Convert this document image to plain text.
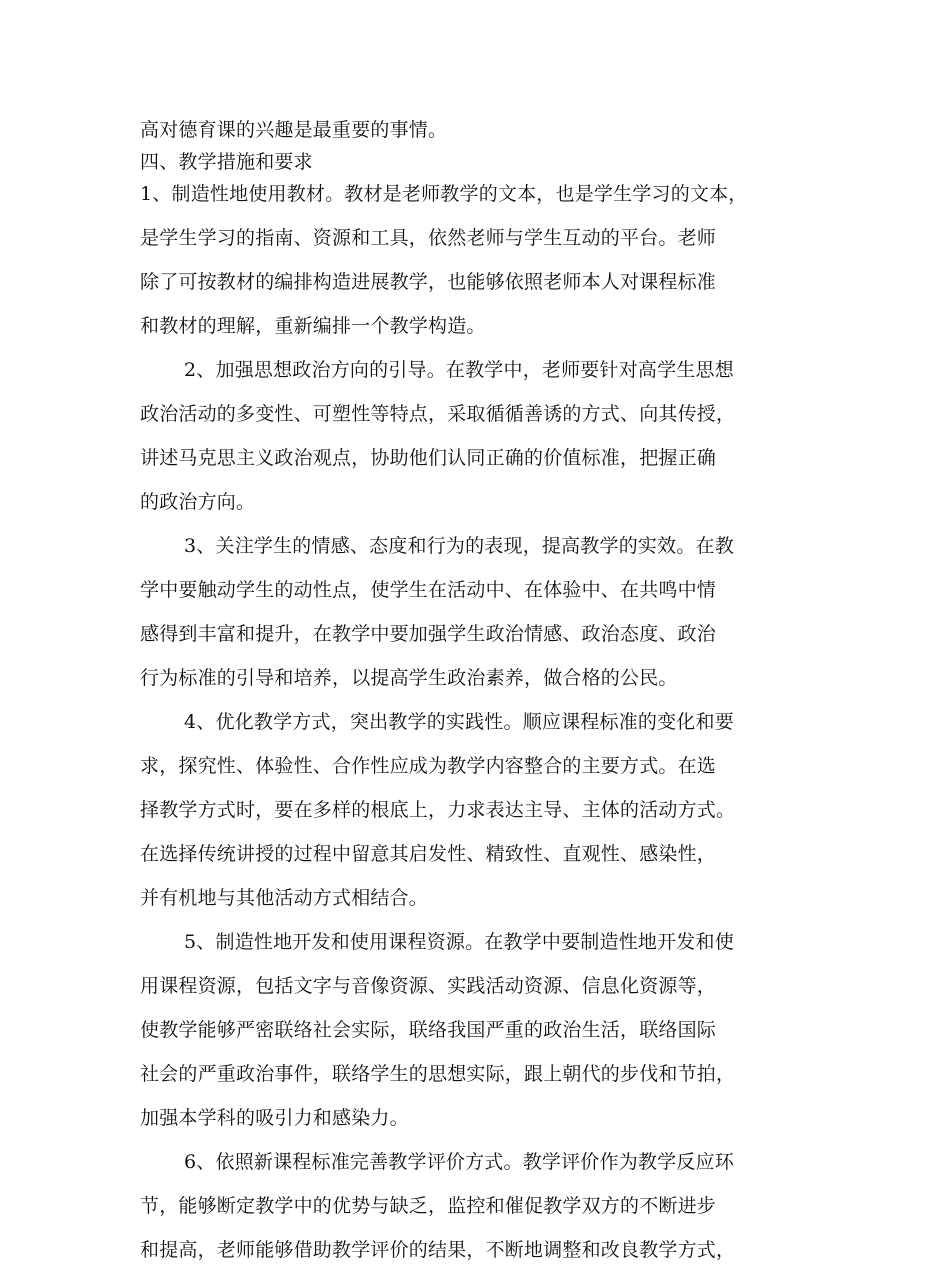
高对德育课的兴趣是最重要的事情。
四、教学措施和要求
1、制造性地使用教材。教材是老师教学的文本，也是学生学习的文本，
是学生学习的指南、资源和工具，依然老师与学生互动的平台。老师
除了可按教材的编排构造进展教学，也能够依照老师本人对课程标准
和教材的理解，重新编排一个教学构造。
2、加强思想政治方向的引导。在教学中，老师要针对高学生思想
政治活动的多变性、可塑性等特点，采取循循善诱的方式、向其传授，
讲述马克思主义政治观点，协助他们认同正确的价值标准，把握正确
的政治方向。
3、关注学生的情感、态度和行为的表现，提高教学的实效。在教
学中要触动学生的动性点，使学生在活动中、在体验中、在共鸣中情
感得到丰富和提升，在教学中要加强学生政治情感、政治态度、政治
行为标准的引导和培养，以提高学生政治素养，做合格的公民。
4、优化教学方式，突出教学的实践性。顺应课程标准的变化和要
求，探究性、体验性、合作性应成为教学内容整合的主要方式。在选
择教学方式时，要在多样的根底上，力求表达主导、主体的活动方式。
在选择传统讲授的过程中留意其启发性、精致性、直观性、感染性，
并有机地与其他活动方式相结合。
5、制造性地开发和使用课程资源。在教学中要制造性地开发和使
用课程资源，包括文字与音像资源、实践活动资源、信息化资源等，
使教学能够严密联络社会实际，联络我国严重的政治生活，联络国际
社会的严重政治事件，联络学生的思想实际，跟上朝代的步伐和节拍，
加强本学科的吸引力和感染力。
6、依照新课程标准完善教学评价方式。教学评价作为教学反应环
节，能够断定教学中的优势与缺乏，监控和催促教学双方的不断进步
和提高，老师能够借助教学评价的结果，不断地调整和改良教学方式，
